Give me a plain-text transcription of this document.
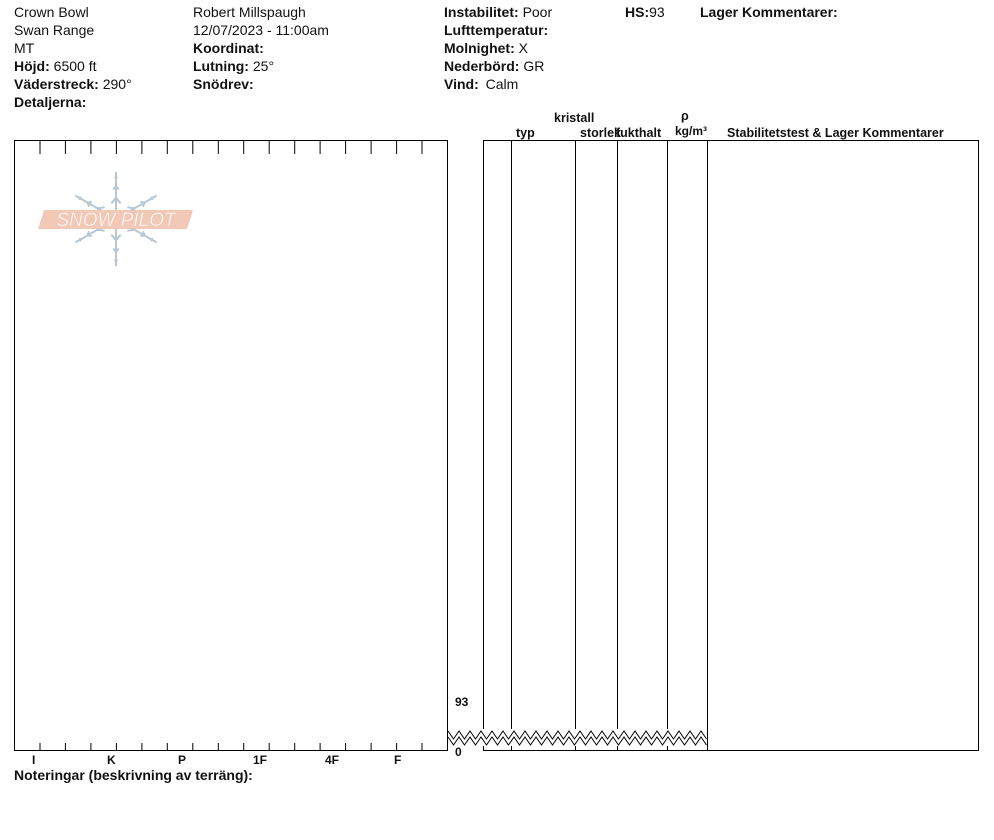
Crown Bowl
Swan Range
MT
Höjd: 6500 ft
Väderstreck: 290°
Detaljerna:
Robert Millspaugh
12/07/2023 - 11:00am
Koordinat:
Lutning: 25°
Snödrev:
Instabilitet: Poor
Lufttemperatur:
Molnighet: X
Nederbörd: GR
Vind: Calm
HS:93	Lager Kommentarer:
typ
kristall
storlek
fukthalt
ρ
kg/m³ Stabilitetstest & Lager Kommentarer
SNOW PILOT
93
0
I	K	P	1F	4F	F
Noteringar (beskrivning av terräng):
